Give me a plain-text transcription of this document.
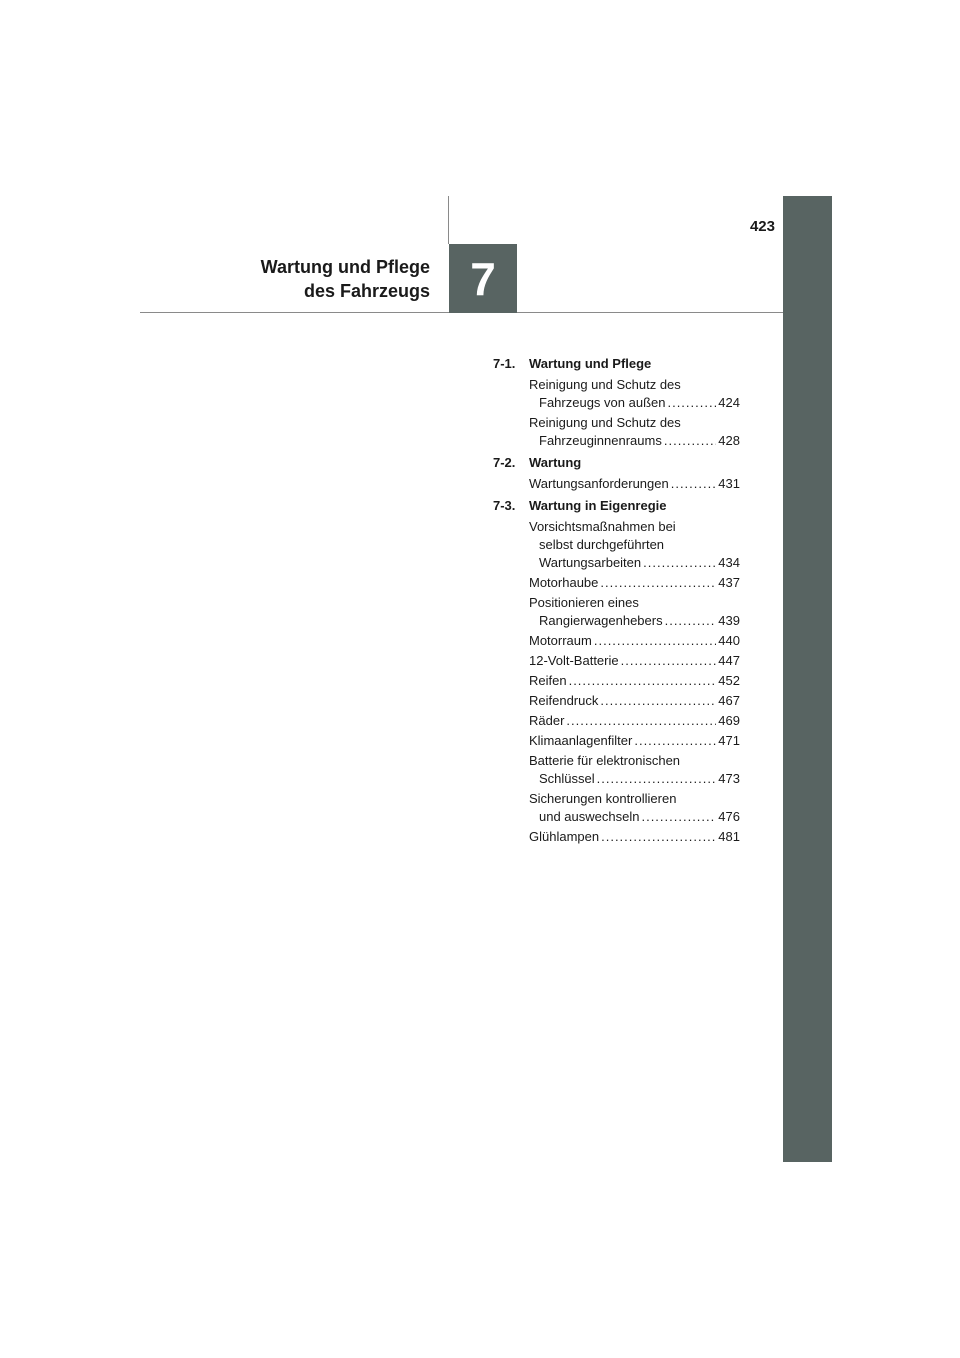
423
7
Wartung und Pflege
des Fahrzeugs
7-1.	Wartung und Pflege
Reinigung und Schutz des
Fahrzeugs von außen .....	424
Reinigung und Schutz des
Fahrzeuginnenraums .....	428
7-2.	Wartung
Wartungsanforderungen .....	431
7-3.	Wartung in Eigenregie
Vorsichtsmaßnahmen bei
selbst durchgeführten
Wartungsarbeiten .....	434
Motorhaube .....	437
Positionieren eines
Rangierwagenhebers .....	439
Motorraum .....	440
12-Volt-Batterie .....	447
Reifen .....	452
Reifendruck .....	467
Räder .....	469
Klimaanlagenfilter .....	471
Batterie für elektronischen
Schlüssel .....	473
Sicherungen kontrollieren
und auswechseln .....	476
Glühlampen .....	481
